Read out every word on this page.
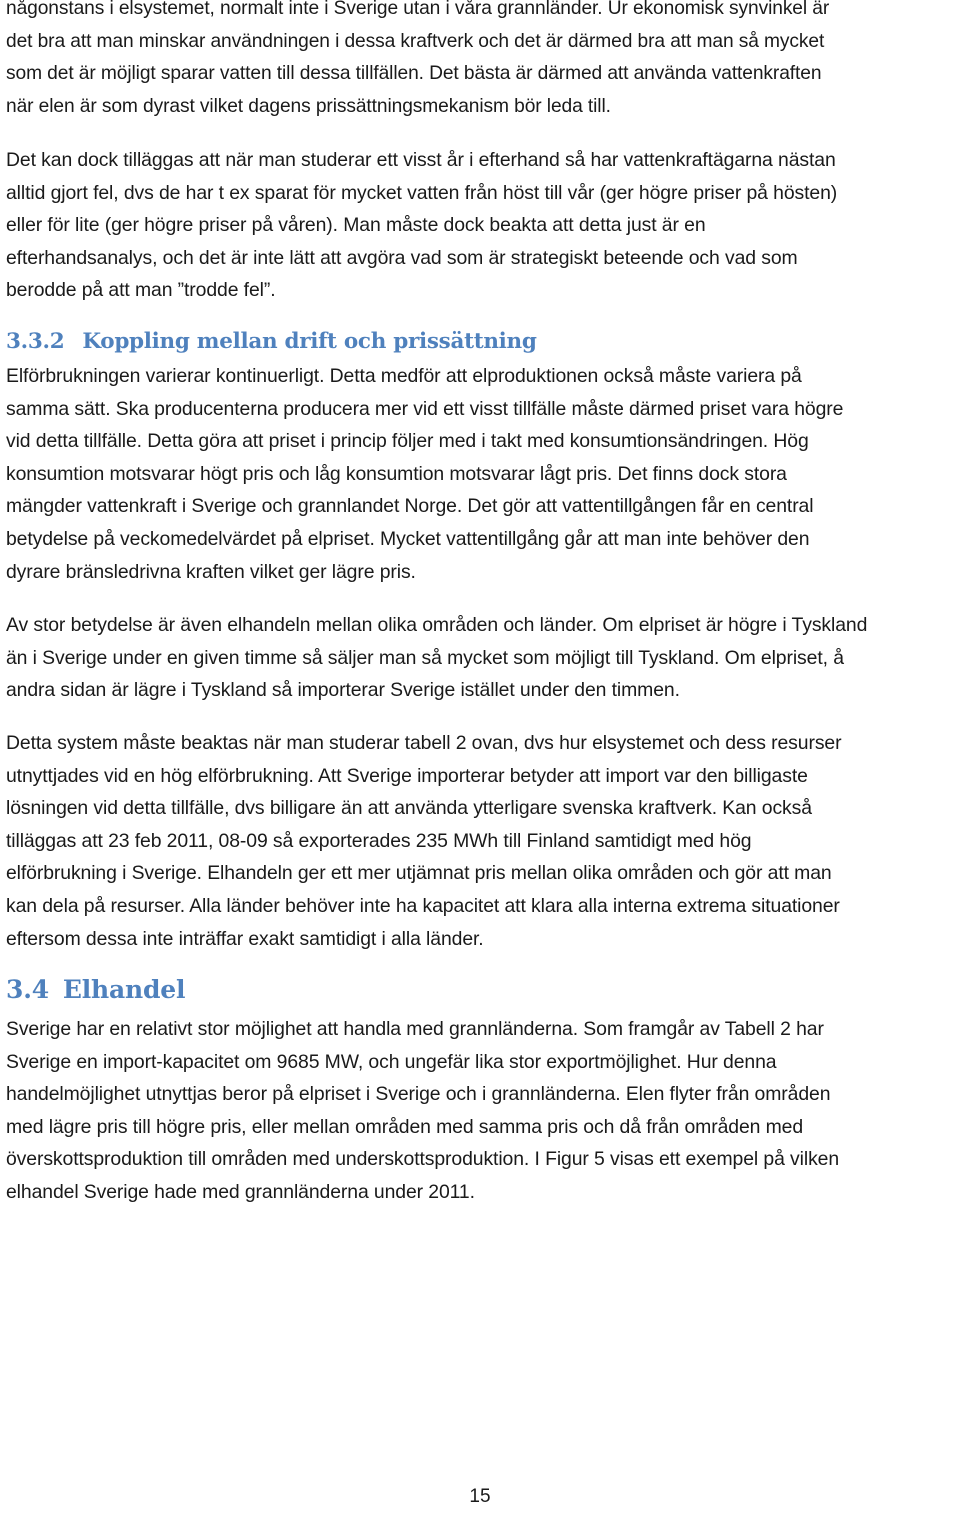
någonstans i elsystemet, normalt inte i Sverige utan i våra grannländer. Ur ekonomisk synvinkel är
det bra att man minskar användningen i dessa kraftverk och det är därmed bra att man så mycket
som det är möjligt sparar vatten till dessa tillfällen. Det bästa är därmed att använda vattenkraften
när elen är som dyrast vilket dagens prissättningsmekanism bör leda till.

Det kan dock tilläggas att när man studerar ett visst år i efterhand så har vattenkraftägarna nästan
alltid gjort fel, dvs de har t ex sparat för mycket vatten från höst till vår (ger högre priser på hösten)
eller för lite (ger högre priser på våren). Man måste dock beakta att detta just är en
efterhandsanalys, och det är inte lätt att avgöra vad som är strategiskt beteende och vad som
berodde på att man ”trodde fel”.

3.3.2 Koppling mellan drift och prissättning

Elförbrukningen varierar kontinuerligt. Detta medför att elproduktionen också måste variera på
samma sätt. Ska producenterna producera mer vid ett visst tillfälle måste därmed priset vara högre
vid detta tillfälle. Detta göra att priset i princip följer med i takt med konsumtionsändringen. Hög
konsumtion motsvarar högt pris och låg konsumtion motsvarar lågt pris. Det finns dock stora
mängder vattenkraft i Sverige och grannlandet Norge. Det gör att vattentillgången får en central
betydelse på veckomedelvärdet på elpriset. Mycket vattentillgång går att man inte behöver den
dyrare bränsledrivna kraften vilket ger lägre pris.

Av stor betydelse är även elhandeln mellan olika områden och länder. Om elpriset är högre i Tyskland
än i Sverige under en given timme så säljer man så mycket som möjligt till Tyskland. Om elpriset, å
andra sidan är lägre i Tyskland så importerar Sverige istället under den timmen.

Detta system måste beaktas när man studerar tabell 2 ovan, dvs hur elsystemet och dess resurser
utnyttjades vid en hög elförbrukning. Att Sverige importerar betyder att import var den billigaste
lösningen vid detta tillfälle, dvs billigare än att använda ytterligare svenska kraftverk. Kan också
tilläggas att 23 feb 2011, 08-09 så exporterades 235 MWh till Finland samtidigt med hög
elförbrukning i Sverige. Elhandeln ger ett mer utjämnat pris mellan olika områden och gör att man
kan dela på resurser. Alla länder behöver inte ha kapacitet att klara alla interna extrema situationer
eftersom dessa inte inträffar exakt samtidigt i alla länder.

3.4 Elhandel

Sverige har en relativt stor möjlighet att handla med grannländerna. Som framgår av Tabell 2 har
Sverige en import-kapacitet om 9685 MW, och ungefär lika stor exportmöjlighet. Hur denna
handelmöjlighet utnyttjas beror på elpriset i Sverige och i grannländerna. Elen flyter från områden
med lägre pris till högre pris, eller mellan områden med samma pris och då från områden med
överskottsproduktion till områden med underskottsproduktion. I Figur 5 visas ett exempel på vilken
elhandel Sverige hade med grannländerna under 2011.

15
